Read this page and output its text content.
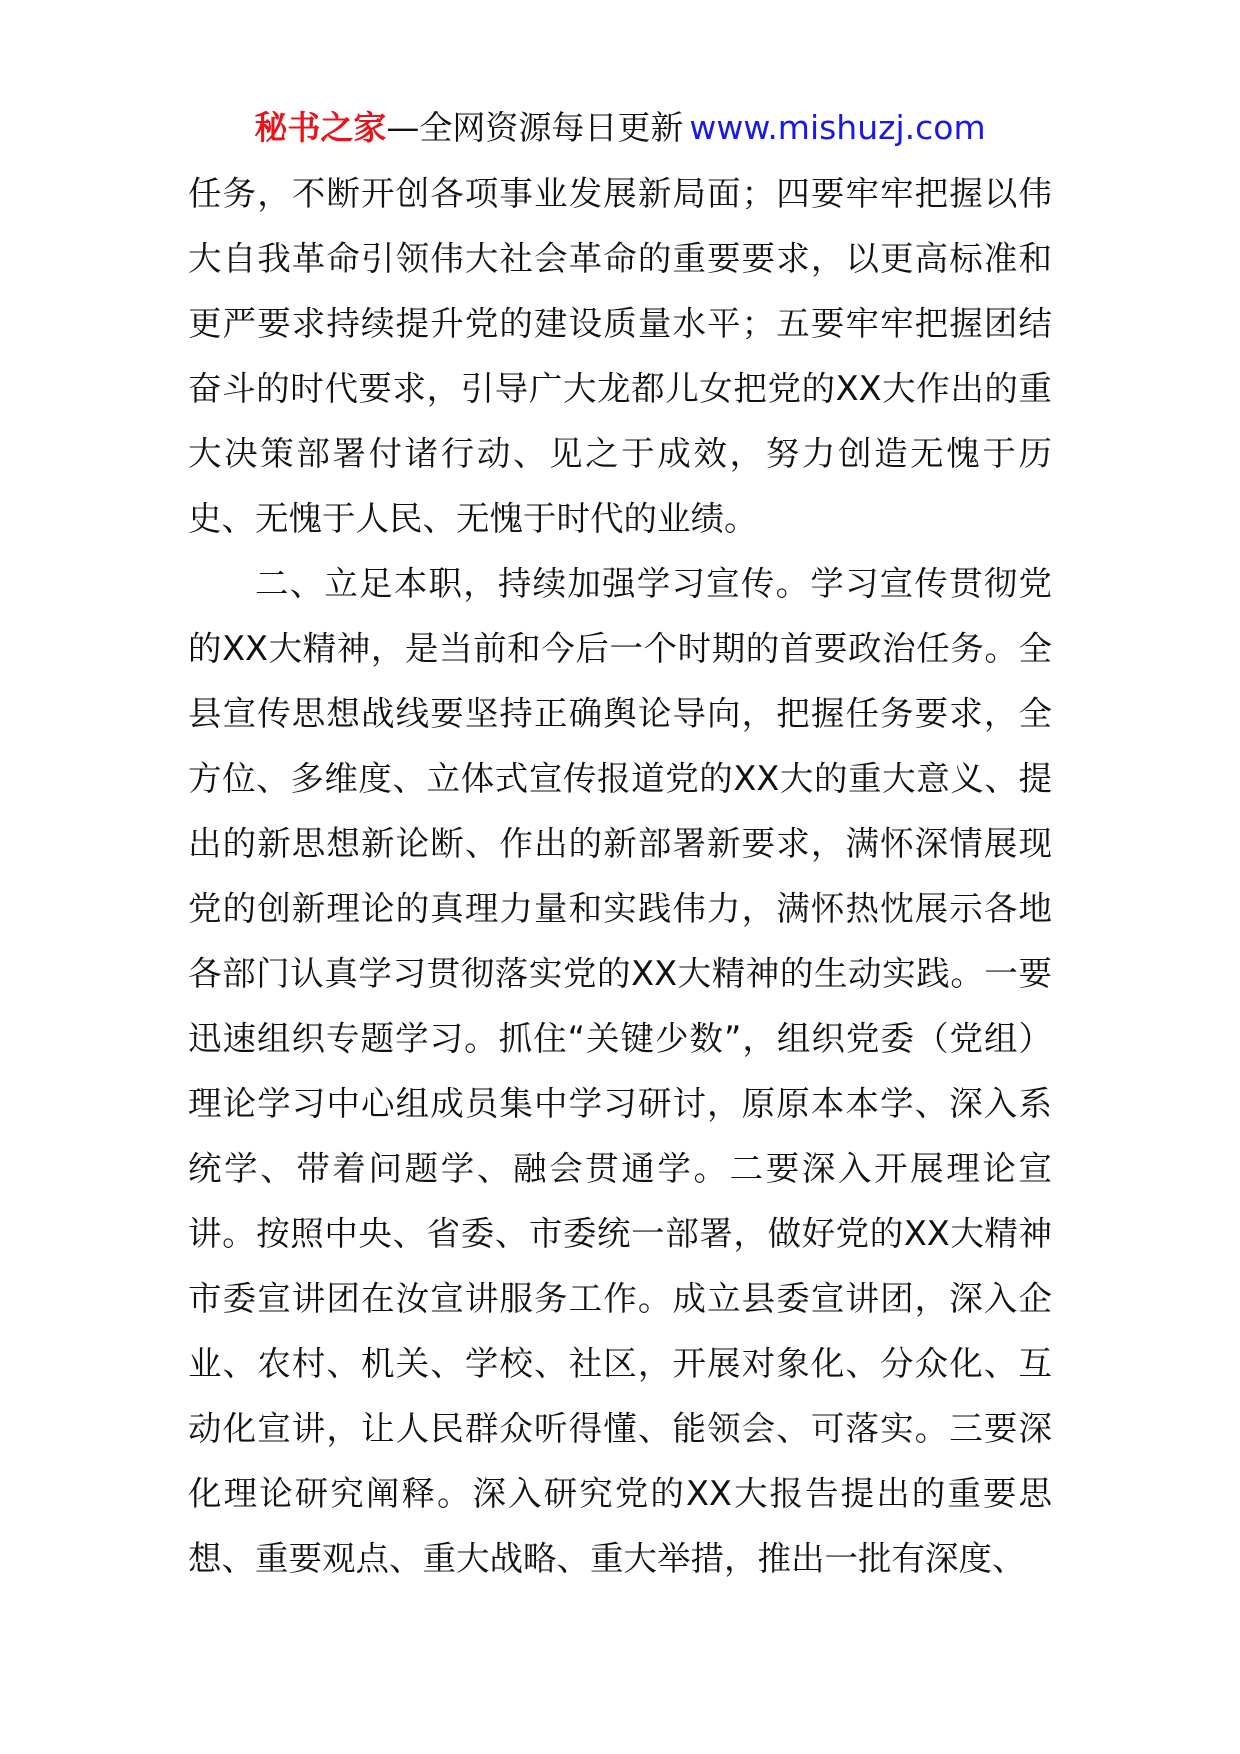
秘书之家—全网资源每日更新 www.mishuzj.com

任务，不断开创各项事业发展新局面；四要牢牢把握以伟大自我革命引领伟大社会革命的重要要求，以更高标准和更严要求持续提升党的建设质量水平；五要牢牢把握团结奋斗的时代要求，引导广大龙都儿女把党的XX大作出的重大决策部署付诸行动、见之于成效，努力创造无愧于历史、无愧于人民、无愧于时代的业绩。

二、立足本职，持续加强学习宣传。学习宣传贯彻党的XX大精神，是当前和今后一个时期的首要政治任务。全县宣传思想战线要坚持正确舆论导向，把握任务要求，全方位、多维度、立体式宣传报道党的XX大的重大意义、提出的新思想新论断、作出的新部署新要求，满怀深情展现党的创新理论的真理力量和实践伟力，满怀热忱展示各地各部门认真学习贯彻落实党的XX大精神的生动实践。一要迅速组织专题学习。抓住“关键少数”，组织党委（党组）理论学习中心组成员集中学习研讨，原原本本学、深入系统学、带着问题学、融会贯通学。二要深入开展理论宣讲。按照中央、省委、市委统一部署，做好党的XX大精神市委宣讲团在汝宣讲服务工作。成立县委宣讲团，深入企业、农村、机关、学校、社区，开展对象化、分众化、互动化宣讲，让人民群众听得懂、能领会、可落实。三要深化理论研究阐释。深入研究党的XX大报告提出的重要思想、重要观点、重大战略、重大举措，推出一批有深度、
